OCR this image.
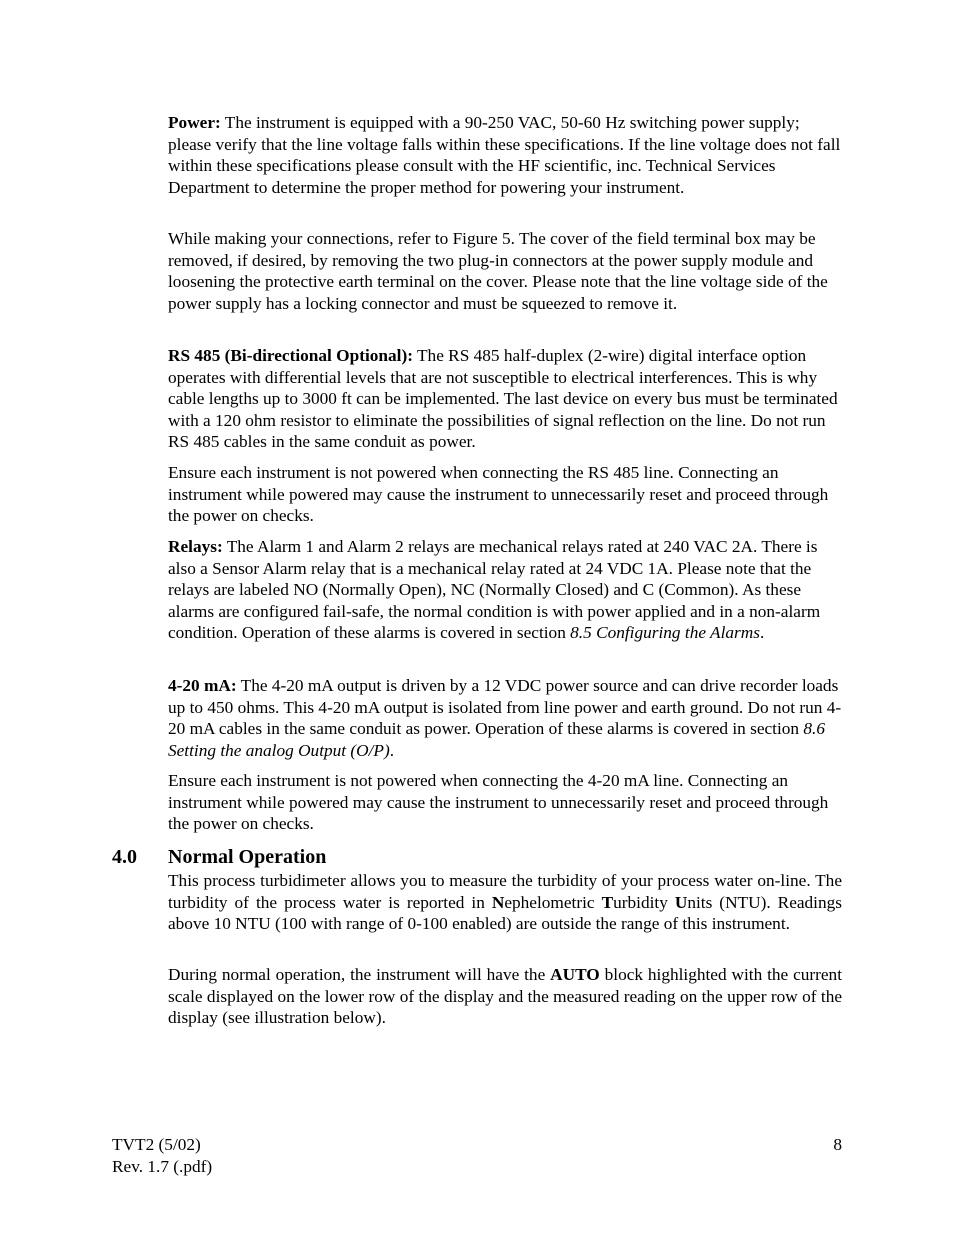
Power: The instrument is equipped with a 90-250 VAC, 50-60 Hz switching power supply; please verify that the line voltage falls within these specifications. If the line voltage does not fall within these specifications please consult with the HF scientific, inc. Technical Services Department to determine the proper method for powering your instrument.

While making your connections, refer to Figure 5. The cover of the field terminal box may be removed, if desired, by removing the two plug-in connectors at the power supply module and loosening the protective earth terminal on the cover. Please note that the line voltage side of the power supply has a locking connector and must be squeezed to remove it.

RS 485 (Bi-directional Optional): The RS 485 half-duplex (2-wire) digital interface option operates with differential levels that are not susceptible to electrical interferences. This is why cable lengths up to 3000 ft can be implemented. The last device on every bus must be terminated with a 120 ohm resistor to eliminate the possibilities of signal reflection on the line. Do not run RS 485 cables in the same conduit as power.

Ensure each instrument is not powered when connecting the RS 485 line. Connecting an instrument while powered may cause the instrument to unnecessarily reset and proceed through the power on checks.

Relays: The Alarm 1 and Alarm 2 relays are mechanical relays rated at 240 VAC 2A. There is also a Sensor Alarm relay that is a mechanical relay rated at 24 VDC 1A. Please note that the relays are labeled NO (Normally Open), NC (Normally Closed) and C (Common). As these alarms are configured fail-safe, the normal condition is with power applied and in a non-alarm condition. Operation of these alarms is covered in section 8.5 Configuring the Alarms.

4-20 mA: The 4-20 mA output is driven by a 12 VDC power source and can drive recorder loads up to 450 ohms. This 4-20 mA output is isolated from line power and earth ground. Do not run 4-20 mA cables in the same conduit as power. Operation of these alarms is covered in section 8.6 Setting the analog Output (O/P).

Ensure each instrument is not powered when connecting the 4-20 mA line. Connecting an instrument while powered may cause the instrument to unnecessarily reset and proceed through the power on checks.

4.0 Normal Operation

This process turbidimeter allows you to measure the turbidity of your process water on-line. The turbidity of the process water is reported in Nephelometric Turbidity Units (NTU). Readings above 10 NTU (100 with range of 0-100 enabled) are outside the range of this instrument.

During normal operation, the instrument will have the AUTO block highlighted with the current scale displayed on the lower row of the display and the measured reading on the upper row of the display (see illustration below).

TVT2 (5/02)
Rev. 1.7 (.pdf)
8
